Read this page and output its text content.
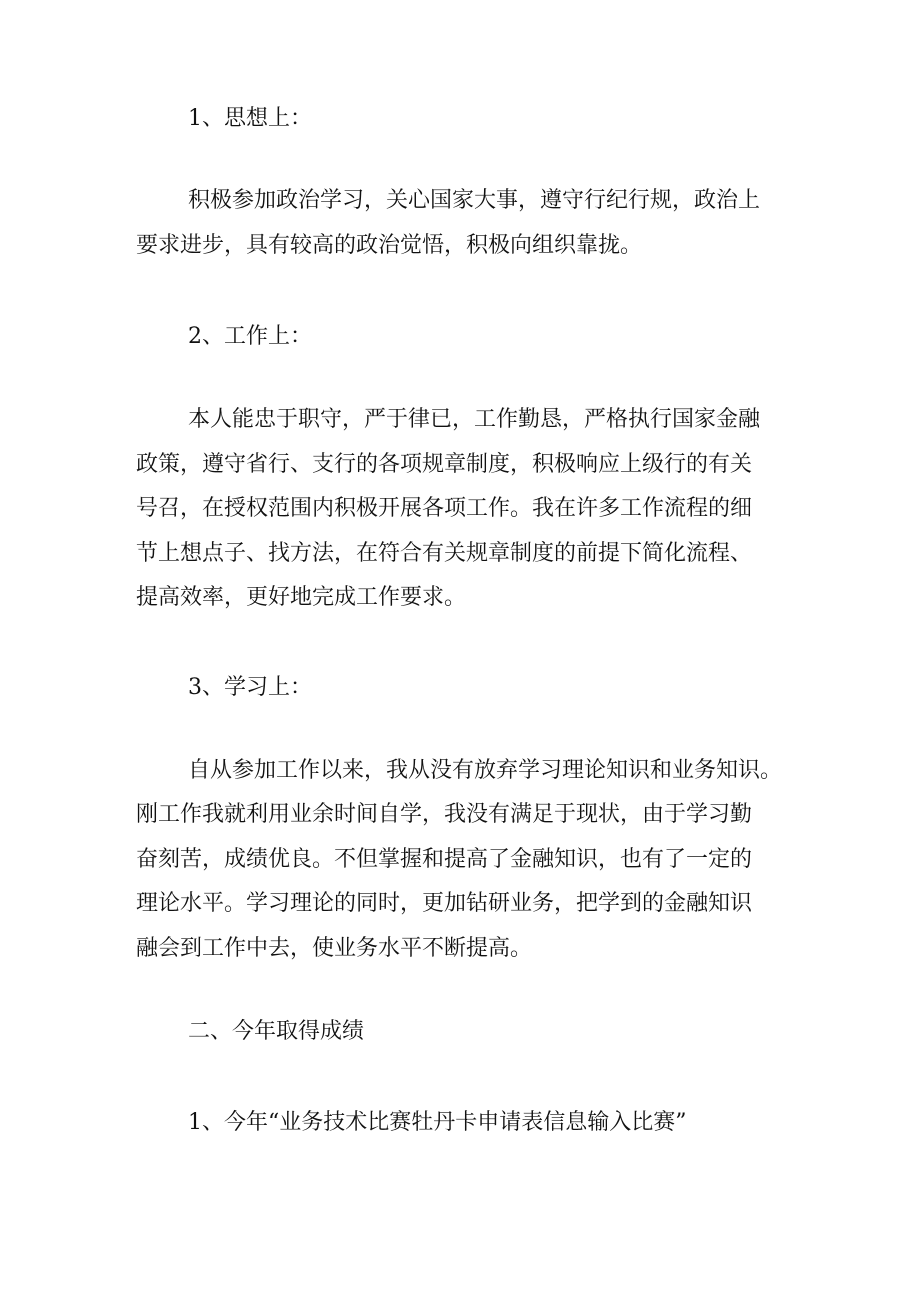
1、思想上：
积极参加政治学习，关心国家大事，遵守行纪行规，政治上
要求进步，具有较高的政治觉悟，积极向组织靠拢。
2、工作上：
本人能忠于职守，严于律已，工作勤恳，严格执行国家金融
政策，遵守省行、支行的各项规章制度，积极响应上级行的有关
号召，在授权范围内积极开展各项工作。我在许多工作流程的细
节上想点子、找方法，在符合有关规章制度的前提下简化流程、
提高效率，更好地完成工作要求。
3、学习上：
自从参加工作以来，我从没有放弃学习理论知识和业务知识。
刚工作我就利用业余时间自学，我没有满足于现状，由于学习勤
奋刻苦，成绩优良。不但掌握和提高了金融知识，也有了一定的
理论水平。学习理论的同时，更加钻研业务，把学到的金融知识
融会到工作中去，使业务水平不断提高。
二、今年取得成绩
1、今年“业务技术比赛牡丹卡申请表信息输入比赛”
